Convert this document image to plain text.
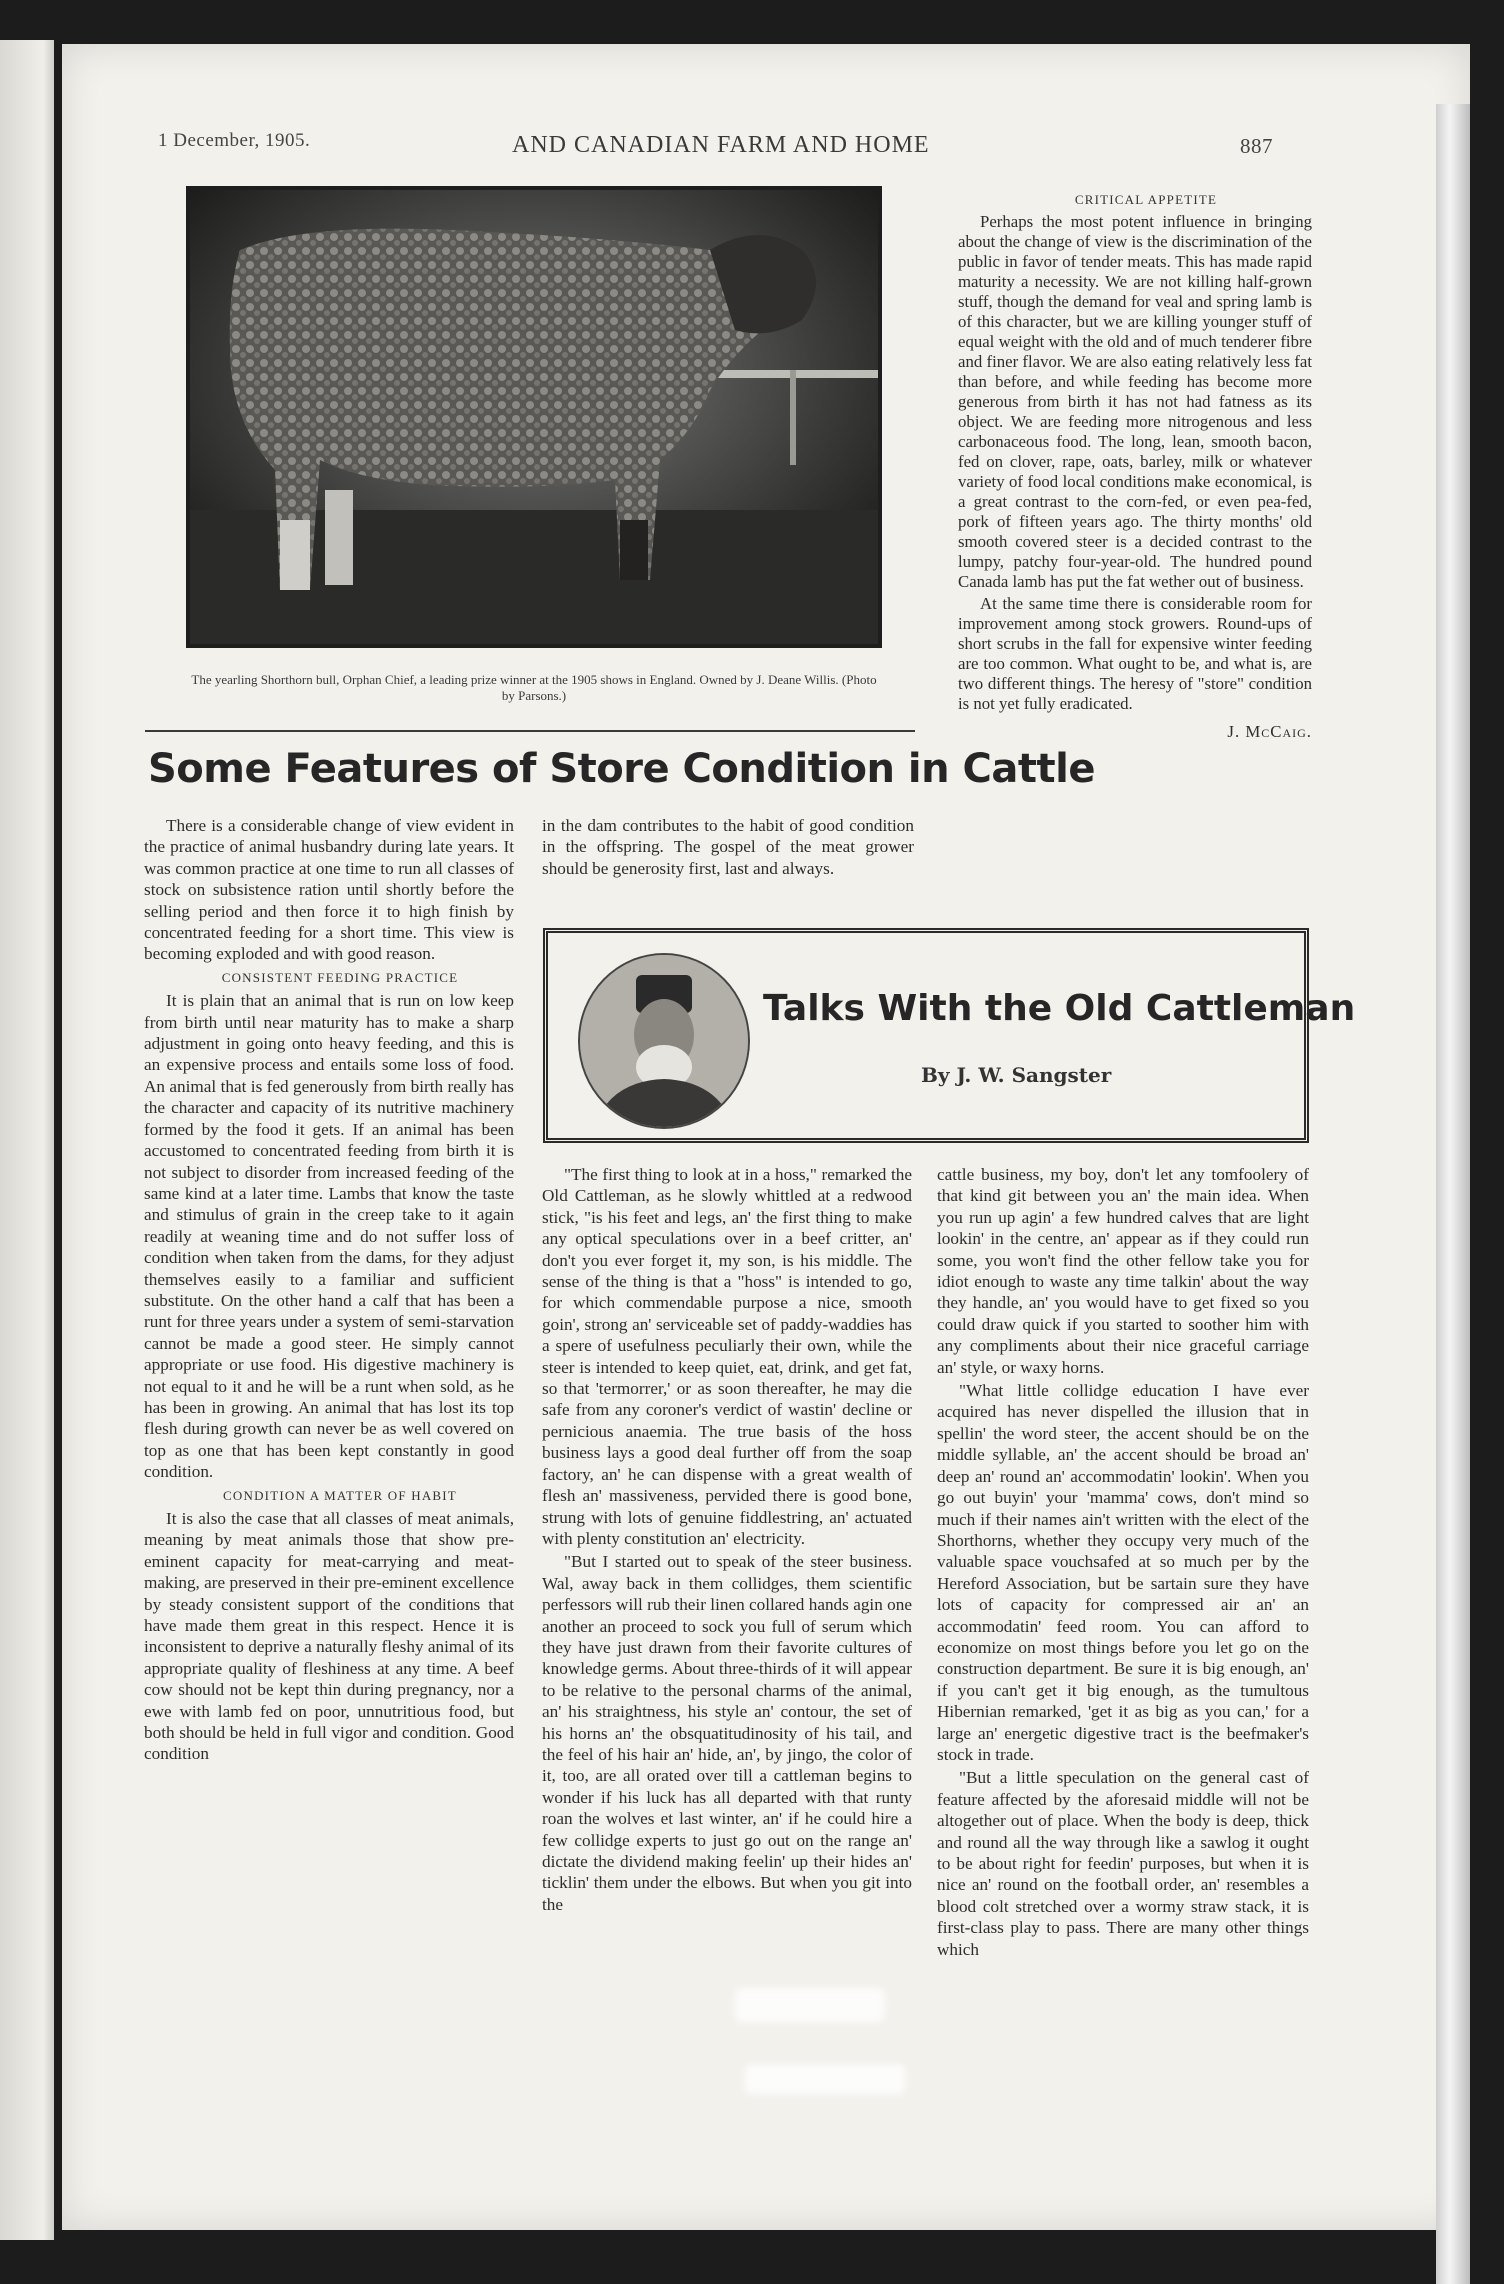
1 December, 1905.	AND CANADIAN FARM AND HOME	887
The yearling Shorthorn bull, Orphan Chief, a leading prize winner at the 1905 shows in England. Owned by J. Deane Willis. (Photo by Parsons.)
Some Features of Store Condition in Cattle

There is a considerable change of view evident in the practice of animal husbandry during late years. It was common practice at one time to run all classes of stock on subsistence ration until shortly before the selling period and then force it to high finish by concentrated feeding for a short time. This view is becoming exploded and with good reason.

CONSISTENT FEEDING PRACTICE

It is plain that an animal that is run on low keep from birth until near maturity has to make a sharp adjustment in going onto heavy feeding, and this is an expensive process and entails some loss of food. An animal that is fed generously from birth really has the character and capacity of its nutritive machinery formed by the food it gets. If an animal has been accustomed to concentrated feeding from birth it is not subject to disorder from increased feeding of the same kind at a later time. Lambs that know the taste and stimulus of grain in the creep take to it again readily at weaning time and do not suffer loss of condition when taken from the dams, for they adjust themselves easily to a familiar and sufficient substitute. On the other hand a calf that has been a runt for three years under a system of semi-starvation cannot be made a good steer. He simply cannot appropriate or use food. His digestive machinery is not equal to it and he will be a runt when sold, as he has been in growing. An animal that has lost its top flesh during growth can never be as well covered on top as one that has been kept constantly in good condition.

CONDITION A MATTER OF HABIT

It is also the case that all classes of meat animals, meaning by meat animals those that show pre-eminent capacity for meat-carrying and meat-making, are preserved in their pre-eminent excellence by steady consistent support of the conditions that have made them great in this respect. Hence it is inconsistent to deprive a naturally fleshy animal of its appropriate quality of fleshiness at any time. A beef cow should not be kept thin during pregnancy, nor a ewe with lamb fed on poor, unnutritious food, but both should be held in full vigor and condition. Good condition

in the dam contributes to the habit of good condition in the offspring. The gospel of the meat grower should be generosity first, last and always.

CRITICAL APPETITE

Perhaps the most potent influence in bringing about the change of view is the discrimination of the public in favor of tender meats. This has made rapid maturity a necessity. We are not killing half-grown stuff, though the demand for veal and spring lamb is of this character, but we are killing younger stuff of equal weight with the old and of much tenderer fibre and finer flavor. We are also eating relatively less fat than before, and while feeding has become more generous from birth it has not had fatness as its object. We are feeding more nitrogenous and less carbonaceous food. The long, lean, smooth bacon, fed on clover, rape, oats, barley, milk or whatever variety of food local conditions make economical, is a great contrast to the corn-fed, or even pea-fed, pork of fifteen years ago. The thirty months' old smooth covered steer is a decided contrast to the lumpy, patchy four-year-old. The hundred pound Canada lamb has put the fat wether out of business.

At the same time there is considerable room for improvement among stock growers. Round-ups of short scrubs in the fall for expensive winter feeding are too common. What ought to be, and what is, are two different things. The heresy of "store" condition is not yet fully eradicated.

J. McCaig.

Talks With the Old Cattleman
By J. W. Sangster

"The first thing to look at in a hoss," remarked the Old Cattleman, as he slowly whittled at a redwood stick, "is his feet and legs, an' the first thing to make any optical speculations over in a beef critter, an' don't you ever forget it, my son, is his middle. The sense of the thing is that a "hoss" is intended to go, for which commendable purpose a nice, smooth goin', strong an' serviceable set of paddy-waddies has a spere of usefulness peculiarly their own, while the steer is intended to keep quiet, eat, drink, and get fat, so that 'termorrer,' or as soon thereafter, he may die safe from any coroner's verdict of wastin' decline or pernicious anaemia. The true basis of the hoss business lays a good deal further off from the soap factory, an' he can dispense with a great wealth of flesh an' massiveness, pervided there is good bone, strung with lots of genuine fiddlestring, an' actuated with plenty constitution an' electricity.

"But I started out to speak of the steer business. Wal, away back in them collidges, them scientific perfessors will rub their linen collared hands agin one another an proceed to sock you full of serum which they have just drawn from their favorite cultures of knowledge germs. About three-thirds of it will appear to be relative to the personal charms of the animal, an' his straightness, his style an' contour, the set of his horns an' the obsquatitudinosity of his tail, and the feel of his hair an' hide, an', by jingo, the color of it, too, are all orated over till a cattleman begins to wonder if his luck has all departed with that runty roan the wolves et last winter, an' if he could hire a few collidge experts to just go out on the range an' dictate the dividend making feelin' up their hides an' ticklin' them under the elbows. But when you git into the

cattle business, my boy, don't let any tomfoolery of that kind git between you an' the main idea. When you run up agin' a few hundred calves that are light lookin' in the centre, an' appear as if they could run some, you won't find the other fellow take you for idiot enough to waste any time talkin' about the way they handle, an' you would have to get fixed so you could draw quick if you started to soother him with any compliments about their nice graceful carriage an' style, or waxy horns.

"What little collidge education I have ever acquired has never dispelled the illusion that in spellin' the word steer, the accent should be on the middle syllable, an' the accent should be broad an' deep an' round an' accommodatin' lookin'. When you go out buyin' your 'mamma' cows, don't mind so much if their names ain't written with the elect of the Shorthorns, whether they occupy very much of the valuable space vouchsafed at so much per by the Hereford Association, but be sartain sure they have lots of capacity for compressed air an' an accommodatin' feed room. You can afford to economize on most things before you let go on the construction department. Be sure it is big enough, an' if you can't get it big enough, as the tumultous Hibernian remarked, 'get it as big as you can,' for a large an' energetic digestive tract is the beefmaker's stock in trade.

"But a little speculation on the general cast of feature affected by the aforesaid middle will not be altogether out of place. When the body is deep, thick and round all the way through like a sawlog it ought to be about right for feedin' purposes, but when it is nice an' round on the football order, an' resembles a blood colt stretched over a wormy straw stack, it is first-class play to pass. There are many other things which
